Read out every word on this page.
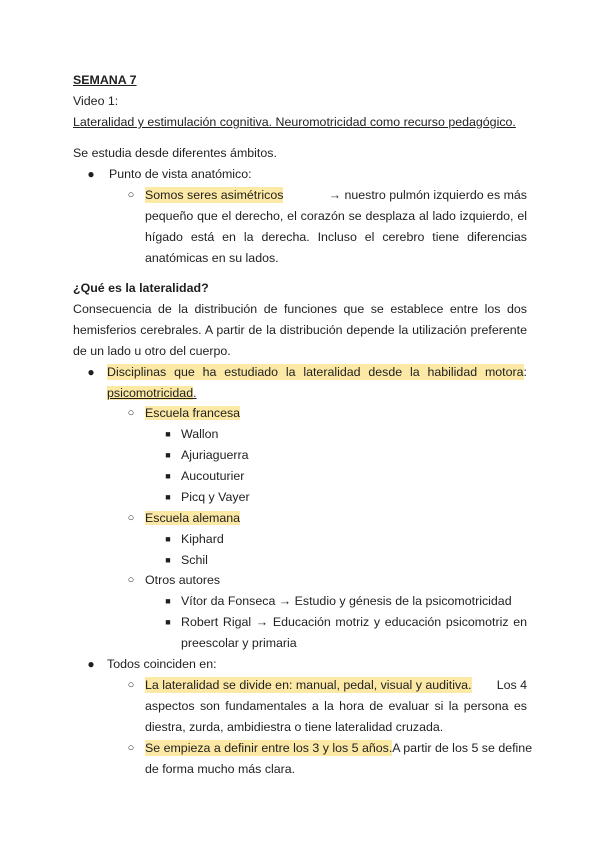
SEMANA 7
Video 1:
Lateralidad y estimulación cognitiva. Neuromotricidad como recurso pedagógico.
Se estudia desde diferentes ámbitos.
● Punto de vista anatómico:
○ Somos seres asimétricos	→ nuestro pulmón izquierdo es más
pequeño que el derecho, el corazón se desplaza al lado izquierdo, el
hígado está en la derecha. Incluso el cerebro tiene diferencias
anatómicas en su lados.
¿Qué es la lateralidad?
Consecuencia de la distribución de funciones que se establece entre los dos
hemisferios cerebrales. A partir de la distribución depende la utilización preferente
de un lado u otro del cuerpo.
● Disciplinas que ha estudiado la lateralidad desde la habilidad motora :
psicomotricidad.
○ Escuela francesa
■ Wallon
■ Ajuriaguerra
■ Aucouturier
■ Picq y Vayer
○ Escuela alemana
■ Kiphard
■ Schil
○ Otros autores
■ Vítor da Fonseca → Estudio y génesis de la psicomotricidad
■ Robert Rigal → Educación motriz y educación psicomotriz en
preescolar y primaria
● Todos coinciden en:
○ La lateralidad se divide en: manual, pedal, visual y auditiva. Los 4
aspectos son fundamentales a la hora de evaluar si la persona es
diestra, zurda, ambidiestra o tiene lateralidad cruzada.
○ Se empieza a definir entre los 3 y los 5 años. A partir de los 5 se define
de forma mucho más clara.
